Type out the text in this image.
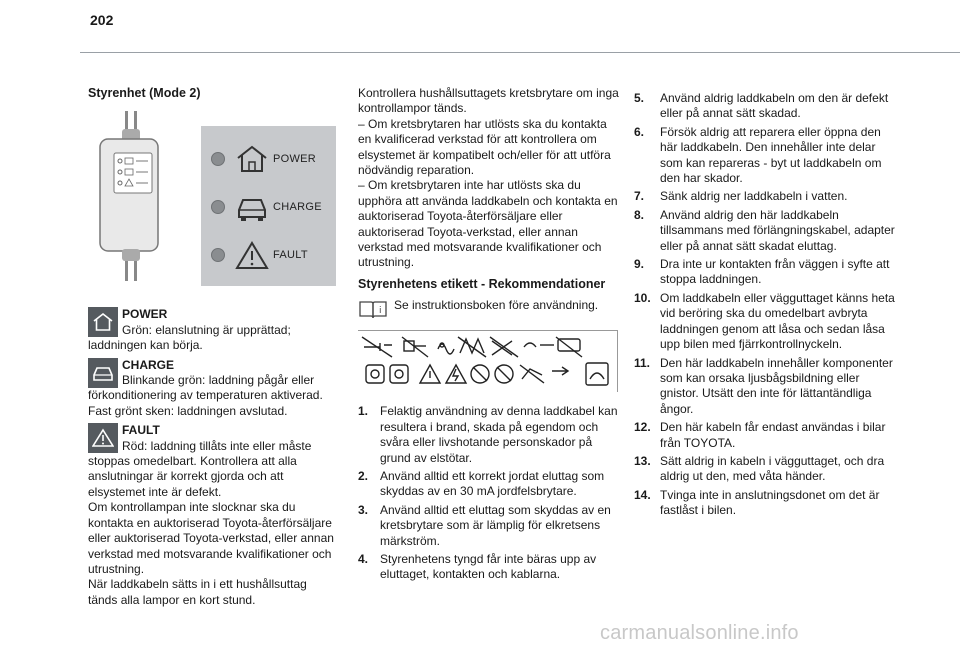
202
Styrenhet (Mode 2)
POWER
CHARGE
FAULT
POWER
Grön: elanslutning är upprättad; laddningen kan börja.
CHARGE
Blinkande grön: laddning pågår eller förkonditionering av temperaturen aktiverad. Fast grönt sken: laddningen avslutad.
FAULT
Röd: laddning tillåts inte eller måste stoppas omedelbart. Kontrollera att alla anslutningar är korrekt gjorda och att elsystemet inte är defekt.

Om kontrollampan inte slocknar ska du kontakta en auktoriserad Toyota-återförsäljare eller auktoriserad Toyota-verkstad, eller annan verkstad med motsvarande kvalifikationer och utrustning.

När laddkabeln sätts in i ett hushållsuttag tänds alla lampor en kort stund.

Kontrollera hushållsuttagets kretsbrytare om inga kontrollampor tänds.

– Om kretsbrytaren har utlösts ska du kontakta en kvalificerad verkstad för att kontrollera om elsystemet är kompatibelt och/eller för att utföra nödvändig reparation.

– Om kretsbrytaren inte har utlösts ska du upphöra att använda laddkabeln och kontakta en auktoriserad Toyota-återförsäljare eller auktoriserad Toyota-verkstad, eller annan verkstad med motsvarande kvalifikationer och utrustning.

Styrenhetens etikett - Rekommendationer
i Se instruktionsboken före användning.
1. Felaktig användning av denna laddkabel kan resultera i brand, skada på egendom och svåra eller livshotande personskador på grund av elstötar.
2. Använd alltid ett korrekt jordat eluttag som skyddas av en 30 mA jordfelsbrytare.
3. Använd alltid ett eluttag som skyddas av en kretsbrytare som är lämplig för elkretsens märkström.
4. Styrenhetens tyngd får inte bäras upp av eluttaget, kontakten och kablarna.
5.	Använd aldrig laddkabeln om den är defekt eller på annat sätt skadad.
6.	Försök aldrig att reparera eller öppna den här laddkabeln. Den innehåller inte delar som kan repareras - byt ut laddkabeln om den har skador.
7.	Sänk aldrig ner laddkabeln i vatten.
8.	Använd aldrig den här laddkabeln tillsammans med förlängningskabel, adapter eller på annat sätt skadat eluttag.
9.	Dra inte ur kontakten från väggen i syfte att stoppa laddningen.
10. Om laddkabeln eller vägguttaget känns heta vid beröring ska du omedelbart avbryta laddningen genom att låsa och sedan låsa upp bilen med fjärrkontrollnyckeln.
11. Den här laddkabeln innehåller komponenter som kan orsaka ljusbågsbildning eller gnistor. Utsätt den inte för lättantändliga ångor.
12. Den här kabeln får endast användas i bilar från TOYOTA.
13. Sätt aldrig in kabeln i vägguttaget, och dra aldrig ut den, med våta händer.
14. Tvinga inte in anslutningsdonet om det är fastlåst i bilen.
carmanualsonline.info
